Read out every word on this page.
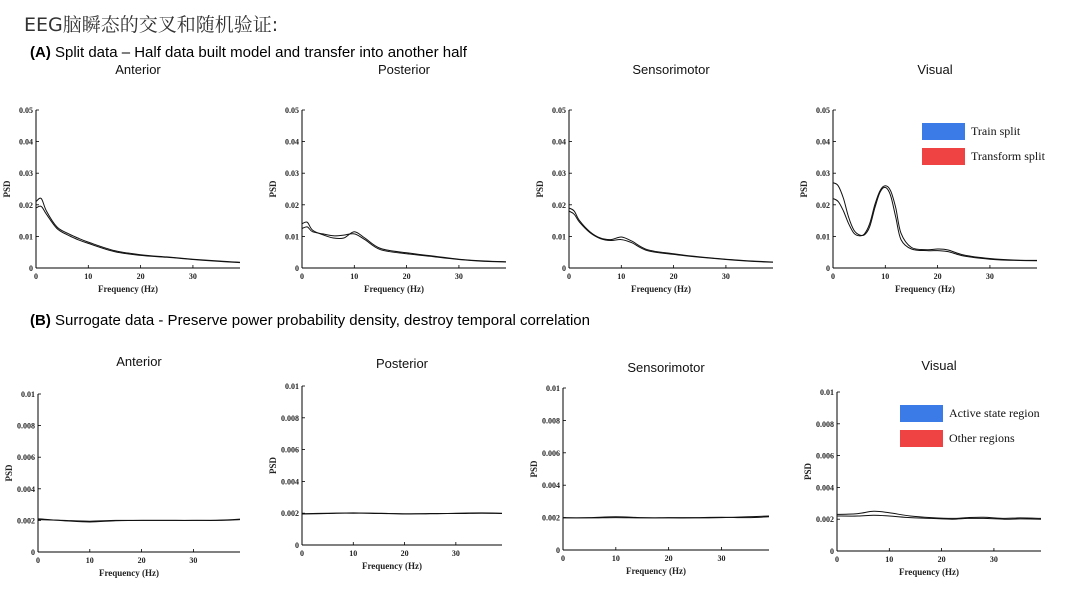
EEG脑瞬态的交叉和随机验证:
(A) Split data – Half data built model and transfer into another half
(B) Surrogate data - Preserve power probability density, destroy temporal correlation
Anterior
0
0.01
0.02
0.03
0.04
0.05
0	10	20	30
Frequency (Hz)
PSD
Posterior
0
0.01
0.02
0.03
0.04
0.05
0	10	20	30
Frequency (Hz)
PSD
Sensorimotor
0
0.01
0.02
0.03
0.04
0.05
0	10	20	30
Frequency (Hz)
PSD
Visual
0
0.01
0.02
0.03
0.04
0.05
0	10	20	30
Frequency (Hz)
PSD
Anterior
0
0.002
0.004
0.006
0.008
0.01
0	10	20	30
Frequency (Hz)
PSD
Posterior
0
0.002
0.004
0.006
0.008
0.01
0	10	20	30
Frequency (Hz)
PSD
Sensorimotor
0
0.002
0.004
0.006
0.008
0.01
0	10	20	30
Frequency (Hz)
PSD
Visual
0
0.002
0.004
0.006
0.008
0.01
0	10	20	30
Frequency (Hz)
PSD
Train split
Transform split
Active state region
Other regions
